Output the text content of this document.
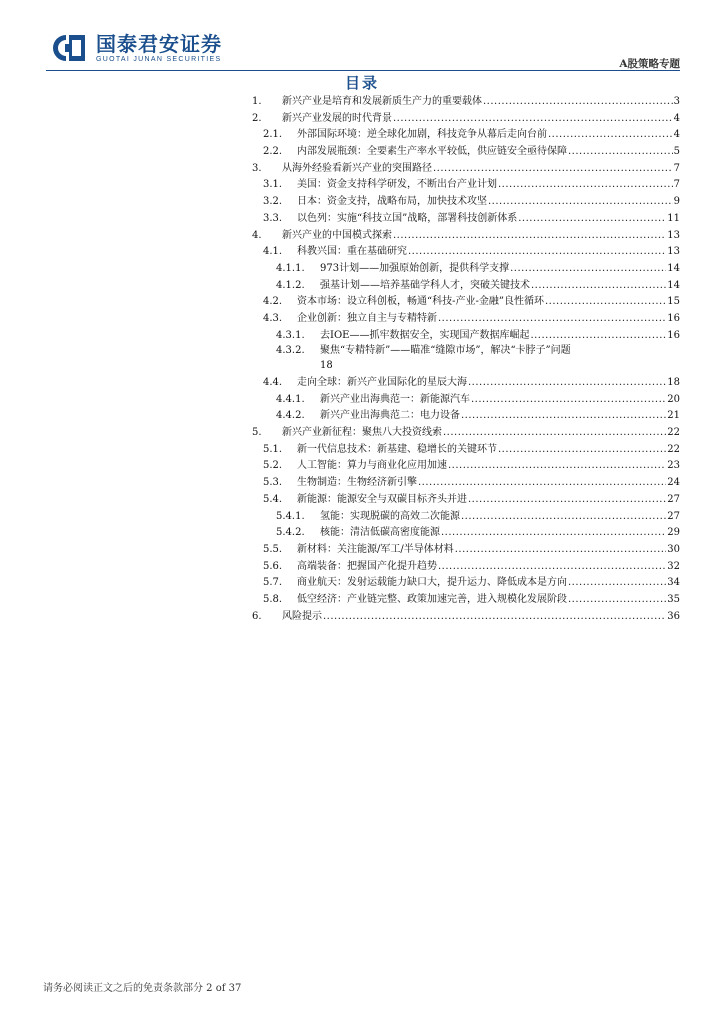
国泰君安证券
GUOTAI JUNAN SECURITIES	A股策略专题
目录
1.	新兴产业是培育和发展新质生产力的重要载体 .....	3
2.	新兴产业发展的时代背景 .....	4
2.1.	外部国际环境：逆全球化加剧，科技竞争从幕后走向台前 .....	4
2.2.	内部发展瓶颈：全要素生产率水平较低，供应链安全亟待保障 .....	5
3.	从海外经验看新兴产业的突围路径 .....	7
3.1.	美国：资金支持科学研发，不断出台产业计划 .....	7
3.2.	日本：资金支持，战略布局，加快技术攻坚 .....	9
3.3.	以色列：实施“科技立国”战略，部署科技创新体系 .....	11
4.	新兴产业的中国模式探索 .....	13
4.1.	科教兴国：重在基础研究 .....	13
4.1.1.	973计划——加强原始创新，提供科学支撑 .....	14
4.1.2.	强基计划——培养基础学科人才，突破关键技术 .....	14
4.2.	资本市场：设立科创板，畅通“科技-产业-金融”良性循环 .....	15
4.3.	企业创新：独立自主与专精特新 .....	16
4.3.1.	去IOE——抓牢数据安全，实现国产数据库崛起 .....	16
4.3.2.	聚焦“专精特新”——瞄准“缝隙市场”，解决“卡脖子”问题
18
4.4.	走向全球：新兴产业国际化的星辰大海 .....	18
4.4.1.	新兴产业出海典范一：新能源汽车 .....	20
4.4.2.	新兴产业出海典范二：电力设备 .....	21
5.	新兴产业新征程：聚焦八大投资线索 .....	22
5.1.	新一代信息技术：新基建、稳增长的关键环节 .....	22
5.2.	人工智能：算力与商业化应用加速 .....	23
5.3.	生物制造：生物经济新引擎 .....	24
5.4.	新能源：能源安全与双碳目标齐头并进 .....	27
5.4.1.	氢能：实现脱碳的高效二次能源 .....	27
5.4.2.	核能：清洁低碳高密度能源 .....	29
5.5.	新材料：关注能源/军工/半导体材料 .....	30
5.6.	高端装备：把握国产化提升趋势 .....	32
5.7.	商业航天：发射运载能力缺口大，提升运力、降低成本是方向 .....	34
5.8.	低空经济：产业链完整、政策加速完善，进入规模化发展阶段 .....	35
6.	风险提示 .....	36
请务必阅读正文之后的免责条款部分 2 of 37
